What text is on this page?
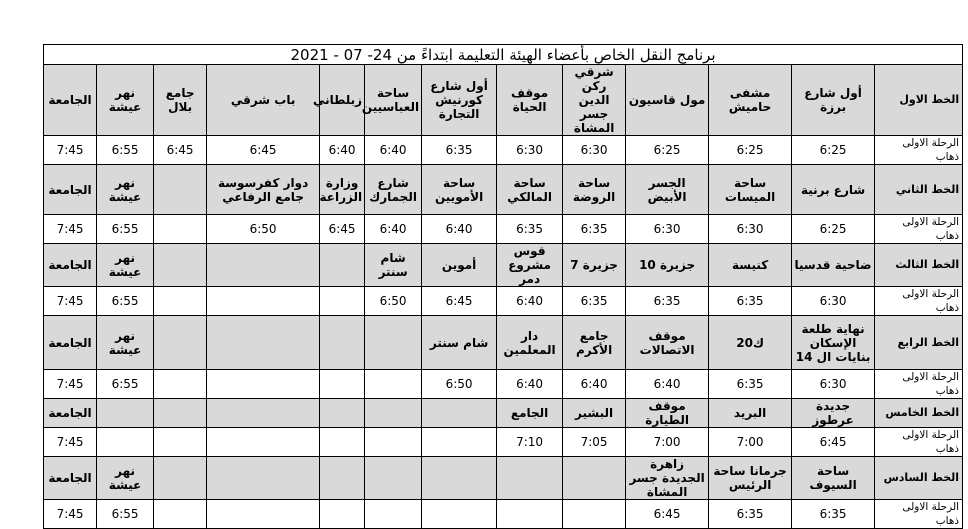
برنامج النقل الخاص بأعضاء الهيئة التعليمة ابتداءً من 24- 07 - 2021												
الخط الاول	أول شارع برزة	مشفى حاميش	مول قاسيون	شرقي ركن الدين جسر المشاة	موقف الحياة	أول شارع كورنيش التجارة	ساحة العباسيين	زبلطاني	باب شرقي	جامع بلال	نهر عيشة	الجامعة
الرحلة الاولى ذهاب	6:25	6:25	6:25	6:30	6:30	6:35	6:40	6:40	6:45	6:45	6:55	7:45
الخط الثاني	شارع برنية	ساحة الميسات	الجسر الأبيض	ساحة الروضة	ساحة المالكي	ساحة الأمويين	شارع الجمارك	وزارة الزراعة	دوار كفرسوسة جامع الرفاعي		نهر عيشة	الجامعة
الرحلة الاولى ذهاب	6:25	6:30	6:30	6:35	6:35	6:40	6:40	6:45	6:50		6:55	7:45
الخط الثالث	ضاحية قدسيا	كنيسة	جزيرة 10	جزيرة 7	قوس مشروع دمر	أموين	شام سنتر				نهر عيشة	الجامعة
الرحلة الاولى ذهاب	6:30	6:35	6:35	6:35	6:40	6:45	6:50				6:55	7:45
الخط الرابع	نهاية طلعة الإسكان بنايات ال 14	ك20	موقف الاتصالات	جامع الأكرم	دار المعلمين	شام سنتر					نهر عيشة	الجامعة
الرحلة الاولى ذهاب	6:30	6:35	6:40	6:40	6:40	6:50					6:55	7:45
الخط الخامس	جديدة عرطوز	البريد	موقف الطيارة	البشير	الجامع							الجامعة
الرحلة الاولى ذهاب	6:45	7:00	7:00	7:05	7:10							7:45
الخط السادس	ساحة السيوف	جرمانا ساحة الرئيس	زاهرة الجديدة جسر المشاة								نهر عيشة	الجامعة
الرحلة الاولى ذهاب	6:35	6:35	6:45								6:55	7:45
